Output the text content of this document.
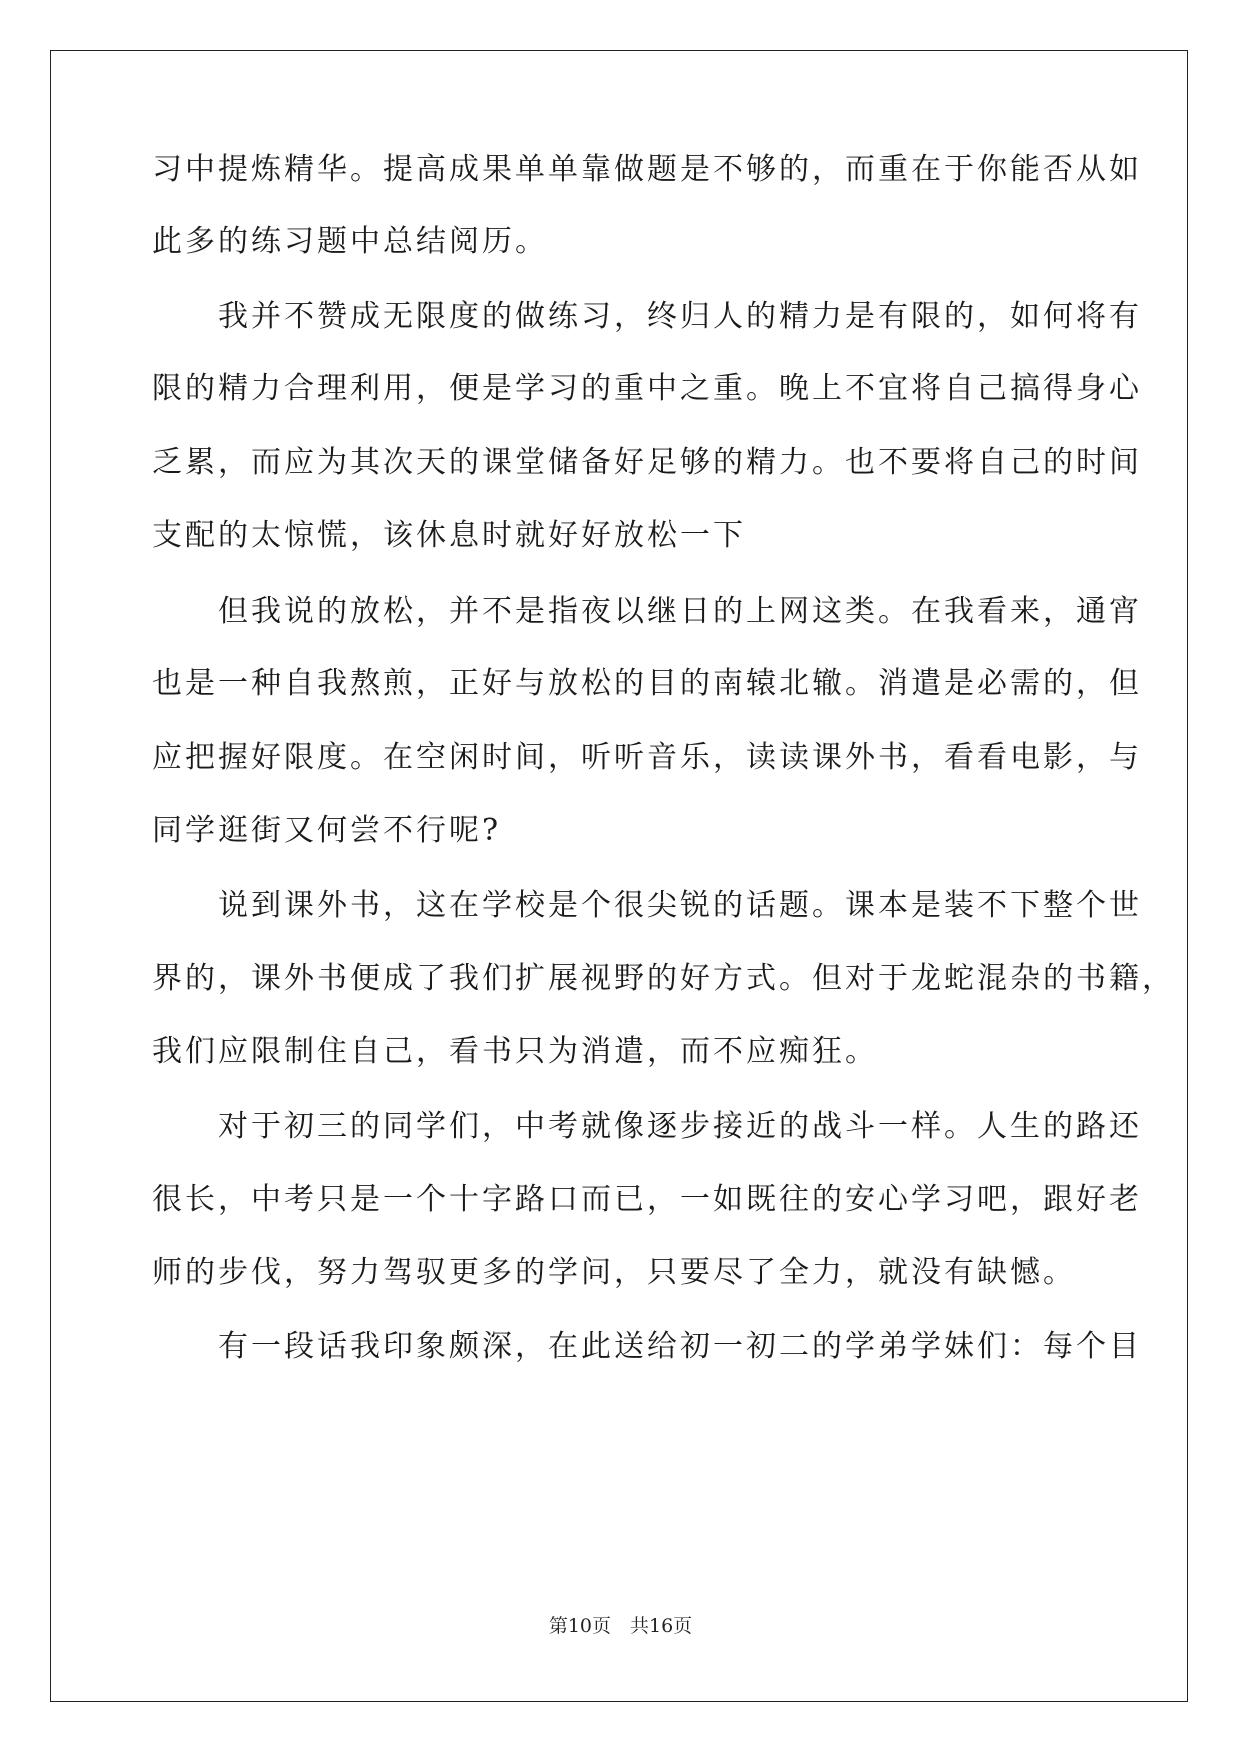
习中提炼精华。提高成果单单靠做题是不够的，而重在于你能否从如
此多的练习题中总结阅历。
　　我并不赞成无限度的做练习，终归人的精力是有限的，如何将有
限的精力合理利用，便是学习的重中之重。晚上不宜将自己搞得身心
乏累，而应为其次天的课堂储备好足够的精力。也不要将自己的时间
支配的太惊慌，该休息时就好好放松一下
　　但我说的放松，并不是指夜以继日的上网这类。在我看来，通宵
也是一种自我熬煎，正好与放松的目的南辕北辙。消遣是必需的，但
应把握好限度。在空闲时间，听听音乐，读读课外书，看看电影，与
同学逛街又何尝不行呢?
　　说到课外书，这在学校是个很尖锐的话题。课本是装不下整个世
界的，课外书便成了我们扩展视野的好方式。但对于龙蛇混杂的书籍，
我们应限制住自己，看书只为消遣，而不应痴狂。
　　对于初三的同学们，中考就像逐步接近的战斗一样。人生的路还
很长，中考只是一个十字路口而已，一如既往的安心学习吧，跟好老
师的步伐，努力驾驭更多的学问，只要尽了全力，就没有缺憾。
　　有一段话我印象颇深，在此送给初一初二的学弟学妹们：每个目
第10页　共16页
